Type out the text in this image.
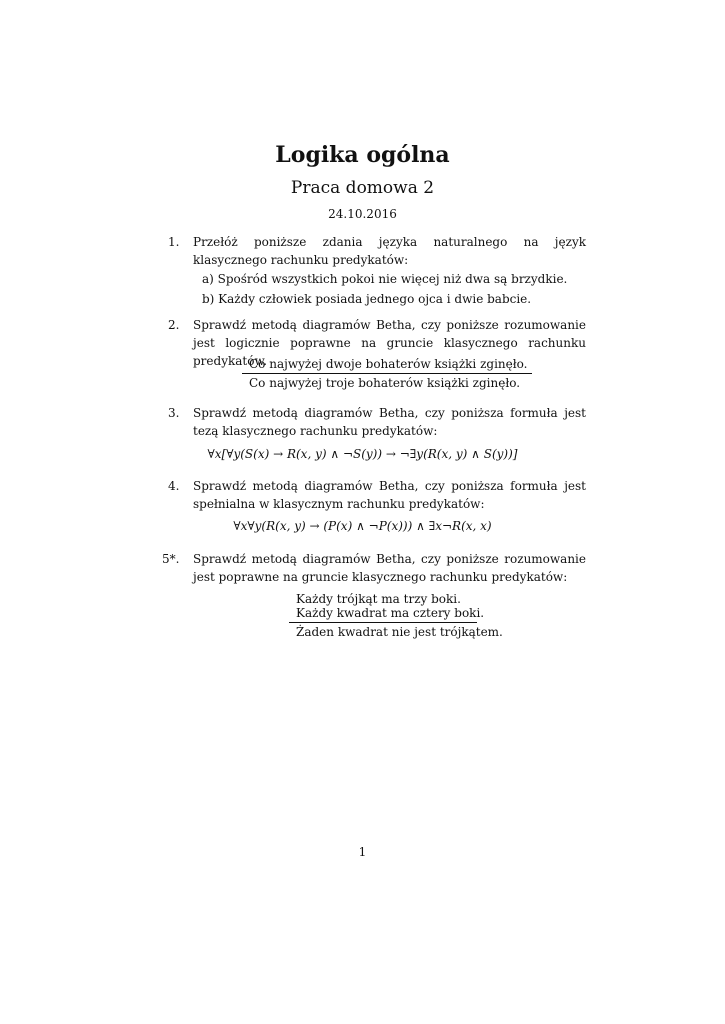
Logika ogólna
Praca domowa 2
24.10.2016
1. Przełóż poniższe zdania języka naturalnego na język klasycznego rachunku predykatów:
a) Spośród wszystkich pokoi nie więcej niż dwa są brzydkie.
b) Każdy człowiek posiada jednego ojca i dwie babcie.
2. Sprawdź metodą diagramów Betha, czy poniższe rozumowanie jest logicznie poprawne na gruncie klasycznego rachunku predykatów.
Co najwyżej dwoje bohaterów książki zginęło.
Co najwyżej troje bohaterów książki zginęło.
3. Sprawdź metodą diagramów Betha, czy poniższa formuła jest tezą klasycznego rachunku predykatów:
∀x[∀y(S(x) → R(x, y) ∧ ¬S(y)) → ¬∃y(R(x, y) ∧ S(y))]
4. Sprawdź metodą diagramów Betha, czy poniższa formuła jest spełnialna w klasycznym rachunku predykatów:
∀x∀y(R(x, y) → (P(x) ∧ ¬P(x))) ∧ ∃x¬R(x, x)
5*. Sprawdź metodą diagramów Betha, czy poniższe rozumowanie jest poprawne na gruncie klasycznego rachunku predykatów:
Każdy trójkąt ma trzy boki.
Każdy kwadrat ma cztery boki.
Żaden kwadrat nie jest trójkątem.
1
